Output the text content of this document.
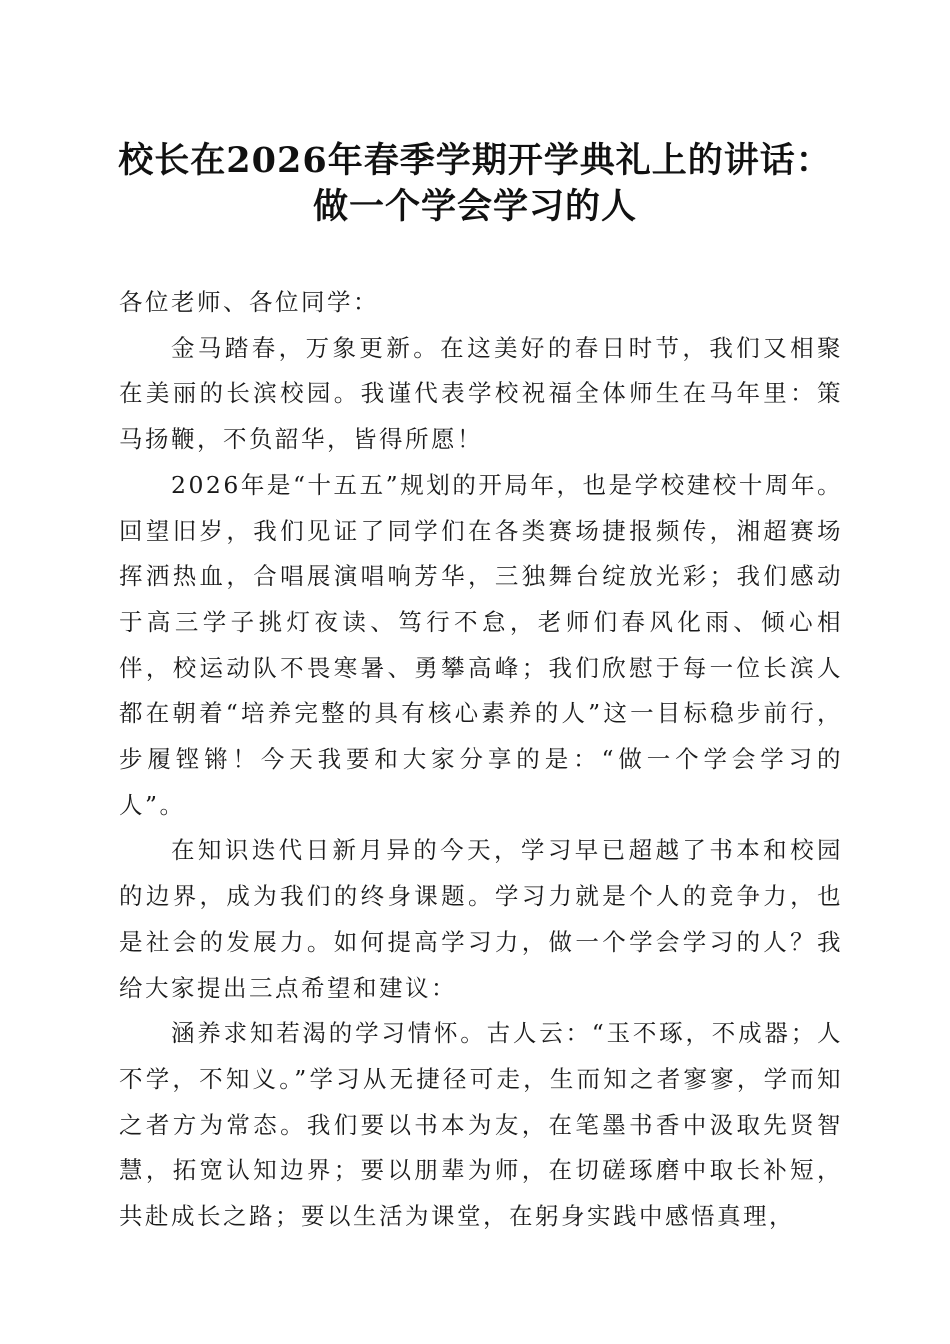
校长在2026年春季学期开学典礼上的讲话：
做一个学会学习的人

各位老师、各位同学：

金马踏春，万象更新。在这美好的春日时节，我们又相聚在美丽的长滨校园。我谨代表学校祝福全体师生在马年里：策马扬鞭，不负韶华，皆得所愿！

2026年是“十五五”规划的开局年，也是学校建校十周年。回望旧岁，我们见证了同学们在各类赛场捷报频传，湘超赛场挥洒热血，合唱展演唱响芳华，三独舞台绽放光彩；我们感动于高三学子挑灯夜读、笃行不怠，老师们春风化雨、倾心相伴，校运动队不畏寒暑、勇攀高峰；我们欣慰于每一位长滨人都在朝着“培养完整的具有核心素养的人”这一目标稳步前行，步履铿锵！今天我要和大家分享的是：“做一个学会学习的人”。

在知识迭代日新月异的今天，学习早已超越了书本和校园的边界，成为我们的终身课题。学习力就是个人的竞争力，也是社会的发展力。如何提高学习力，做一个学会学习的人？我给大家提出三点希望和建议：

涵养求知若渴的学习情怀。古人云：“玉不琢，不成器；人不学，不知义。”学习从无捷径可走，生而知之者寥寥，学而知之者方为常态。我们要以书本为友，在笔墨书香中汲取先贤智慧，拓宽认知边界；要以朋辈为师，在切磋琢磨中取长补短，共赴成长之路；要以生活为课堂，在躬身实践中感悟真理，
